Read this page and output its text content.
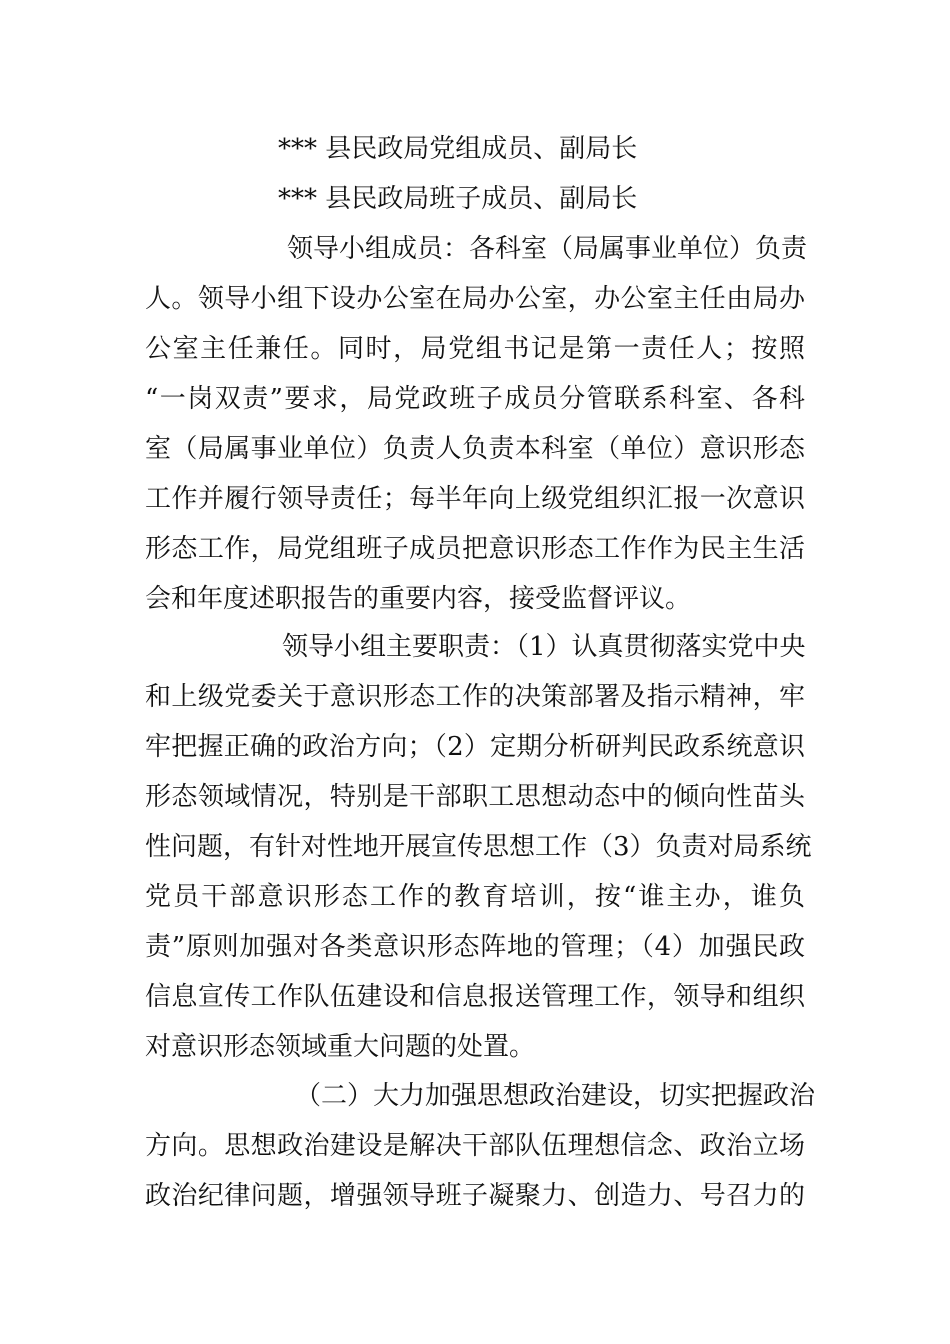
*** 县民政局党组成员、副局长
*** 县民政局班子成员、副局长
领导小组成员：各科室（局属事业单位）负责
人。领导小组下设办公室在局办公室，办公室主任由局办
公室主任兼任。同时，局党组书记是第一责任人；按照
“一岗双责”要求，局党政班子成员分管联系科室、各科
室（局属事业单位）负责人负责本科室（单位）意识形态
工作并履行领导责任；每半年向上级党组织汇报一次意识
形态工作，局党组班子成员把意识形态工作作为民主生活
会和年度述职报告的重要内容，接受监督评议。
领导小组主要职责：（1）认真贯彻落实党中央
和上级党委关于意识形态工作的决策部署及指示精神，牢
牢把握正确的政治方向；（2）定期分析研判民政系统意识
形态领域情况，特别是干部职工思想动态中的倾向性苗头
性问题，有针对性地开展宣传思想工作（3）负责对局系统
党员干部意识形态工作的教育培训，按“谁主办，谁负
责”原则加强对各类意识形态阵地的管理；（4）加强民政
信息宣传工作队伍建设和信息报送管理工作，领导和组织
对意识形态领域重大问题的处置。
（二）大力加强思想政治建设，切实把握政治
方向。思想政治建设是解决干部队伍理想信念、政治立场
政治纪律问题，增强领导班子凝聚力、创造力、号召力的
